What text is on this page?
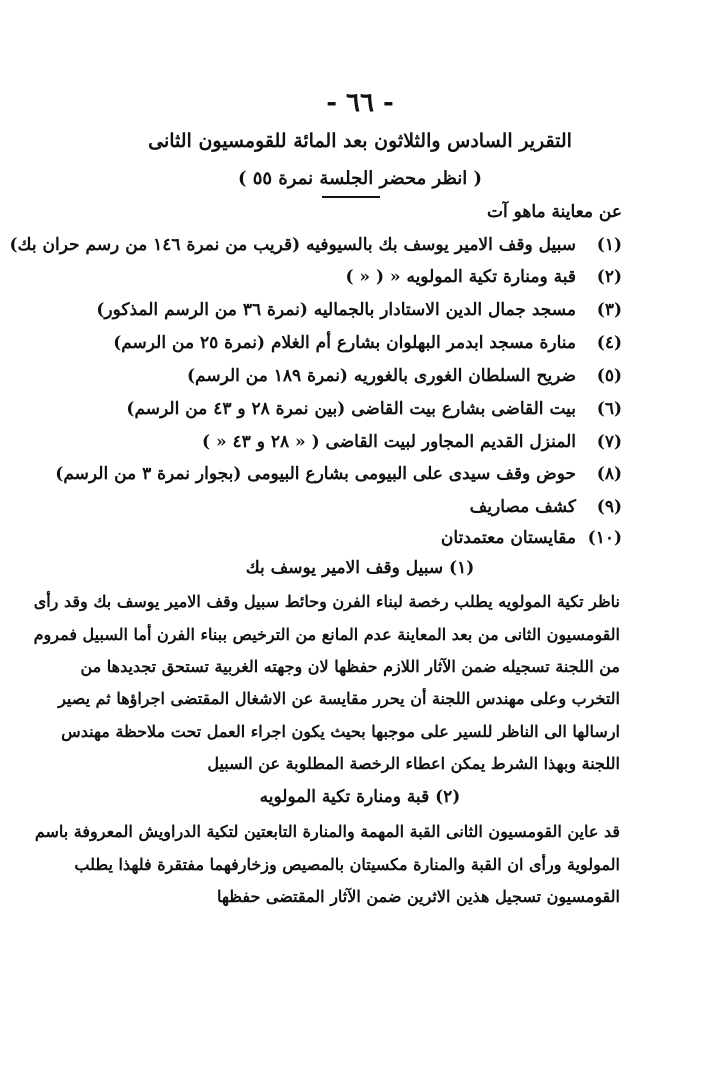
- ٦٦ -
التقرير السادس والثلاثون بعد المائة للقومسيون الثانى
( انظر محضر الجلسة نمرة ٥٥ )
عن معاينة ماهو آت
(١)سبيل وقف الامير يوسف بك بالسيوفيه (قريب من نمرة ١٤٦ من رسم حران بك)
(٢)قبة ومنارة تكية المولويه « ( « )
(٣)مسجد جمال الدين الاستادار بالجماليه (نمرة ٣٦ من الرسم المذكور)
(٤)منارة مسجد ابدمر البهلوان بشارع أم الغلام (نمرة ٢٥ من الرسم)
(٥)ضريح السلطان الغورى بالغوريه (نمرة ١٨٩ من الرسم)
(٦)بيت القاضى بشارع بيت القاضى (بين نمرة ٢٨ و ٤٣ من الرسم)
(٧)المنزل القديم المجاور لبيت القاضى ( « ٢٨ و ٤٣ « )
(٨)حوض وقف سيدى على البيومى بشارع البيومى (بجوار نمرة ٣ من الرسم)
(٩)كشف مصاريف
(١٠)مقايستان معتمدتان
(١) سبيل وقف الامير يوسف بك
ناظر تكية المولويه يطلب رخصة لبناء الفرن وحائط سبيل وقف الامير يوسف بك وقد رأى
القومسيون الثانى من بعد المعاينة عدم المانع من الترخيص ببناء الفرن أما السبيل فمروم
من اللجنة تسجيله ضمن الآثار اللازم حفظها لان وجهته الغربية تستحق تجديدها من
التخرب وعلى مهندس اللجنة أن يحرر مقايسة عن الاشغال المقتضى اجراؤها ثم يصير
ارسالها الى الناظر للسير على موجبها بحيث يكون اجراء العمل تحت ملاحظة مهندس
اللجنة وبهذا الشرط يمكن اعطاء الرخصة المطلوبة عن السبيل
(٢) قبة ومنارة تكية المولويه
قد عاين القومسيون الثانى القبة المهمة والمنارة التابعتين لتكية الدراويش المعروفة باسم
المولوية ورأى ان القبة والمنارة مكسيتان بالمصيص وزخارفهما مفتقرة فلهذا يطلب
القومسيون تسجيل هذين الاثرين ضمن الآثار المقتضى حفظها
